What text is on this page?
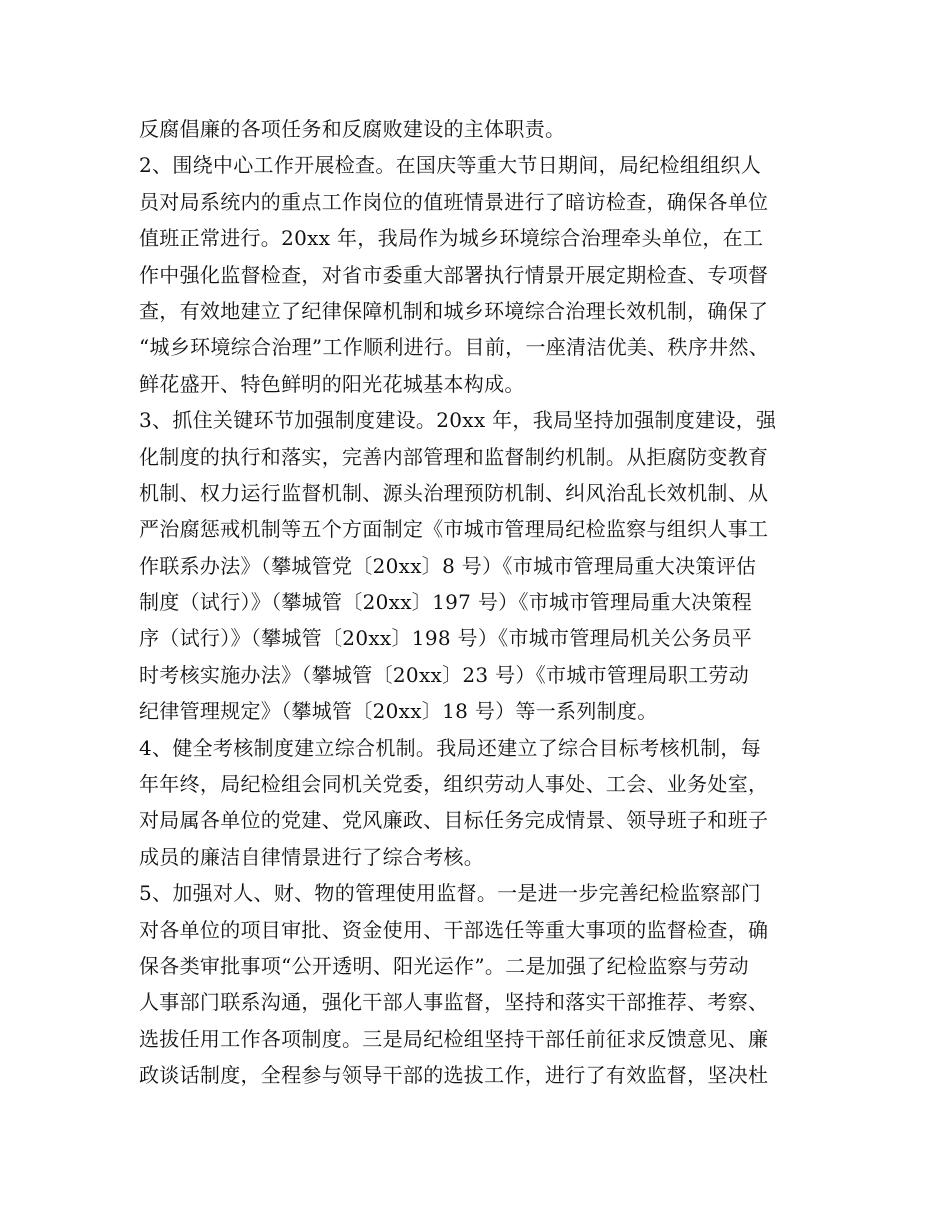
反腐倡廉的各项任务和反腐败建设的主体职责。
2、围绕中心工作开展检查。在国庆等重大节日期间，局纪检组组织人
员对局系统内的重点工作岗位的值班情景进行了暗访检查，确保各单位
值班正常进行。20xx 年，我局作为城乡环境综合治理牵头单位，在工
作中强化监督检查，对省市委重大部署执行情景开展定期检查、专项督
查，有效地建立了纪律保障机制和城乡环境综合治理长效机制，确保了
“城乡环境综合治理”工作顺利进行。目前，一座清洁优美、秩序井然、
鲜花盛开、特色鲜明的阳光花城基本构成。
3、抓住关键环节加强制度建设。20xx 年，我局坚持加强制度建设，强
化制度的执行和落实，完善内部管理和监督制约机制。从拒腐防变教育
机制、权力运行监督机制、源头治理预防机制、纠风治乱长效机制、从
严治腐惩戒机制等五个方面制定《市城市管理局纪检监察与组织人事工
作联系办法》（攀城管党〔20xx〕8 号）《市城市管理局重大决策评估
制度（试行）》（攀城管〔20xx〕197 号）《市城市管理局重大决策程
序（试行）》（攀城管〔20xx〕198 号）《市城市管理局机关公务员平
时考核实施办法》（攀城管〔20xx〕23 号）《市城市管理局职工劳动
纪律管理规定》（攀城管〔20xx〕18 号）等一系列制度。
4、健全考核制度建立综合机制。我局还建立了综合目标考核机制，每
年年终，局纪检组会同机关党委，组织劳动人事处、工会、业务处室，
对局属各单位的党建、党风廉政、目标任务完成情景、领导班子和班子
成员的廉洁自律情景进行了综合考核。
5、加强对人、财、物的管理使用监督。一是进一步完善纪检监察部门
对各单位的项目审批、资金使用、干部选任等重大事项的监督检查，确
保各类审批事项“公开透明、阳光运作”。二是加强了纪检监察与劳动
人事部门联系沟通，强化干部人事监督，坚持和落实干部推荐、考察、
选拔任用工作各项制度。三是局纪检组坚持干部任前征求反馈意见、廉
政谈话制度，全程参与领导干部的选拔工作，进行了有效监督，坚决杜
